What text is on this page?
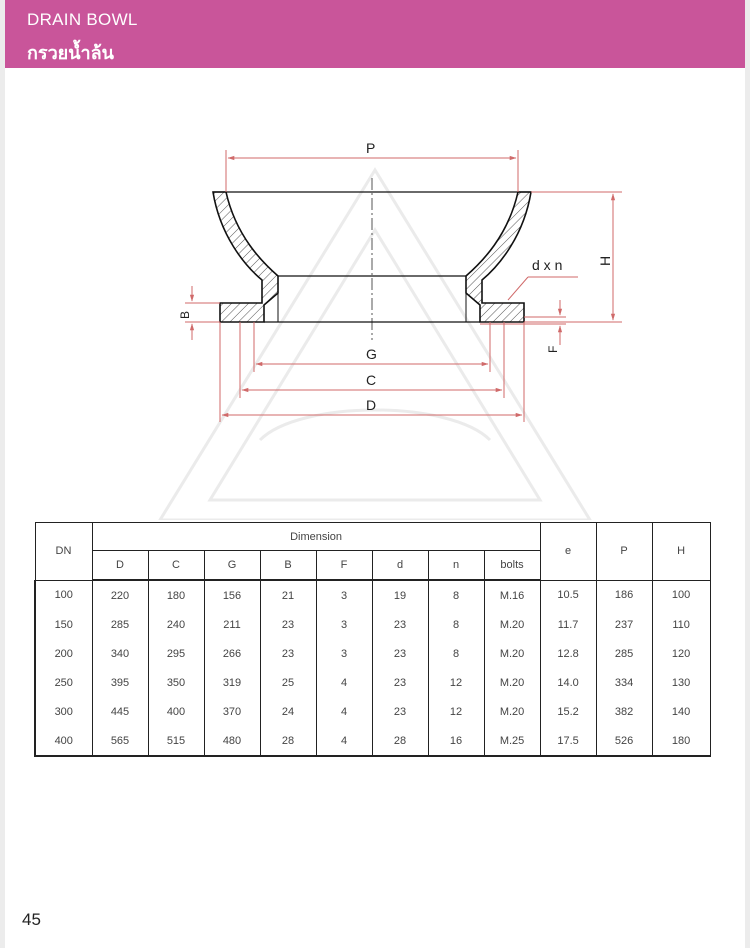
DRAIN BOWL
กรวยน้ำล้น
P
H
d x n
B
F
G
C
D
DN	Dimension								e	P	H
	D	C	G	B	F	d	n	bolts			
100	220	180	156	21	3	19	8	M.16	10.5	186	100
150	285	240	211	23	3	23	8	M.20	11.7	237	110
200	340	295	266	23	3	23	8	M.20	12.8	285	120
250	395	350	319	25	4	23	12	M.20	14.0	334	130
300	445	400	370	24	4	23	12	M.20	15.2	382	140
400	565	515	480	28	4	28	16	M.25	17.5	526	180
45
